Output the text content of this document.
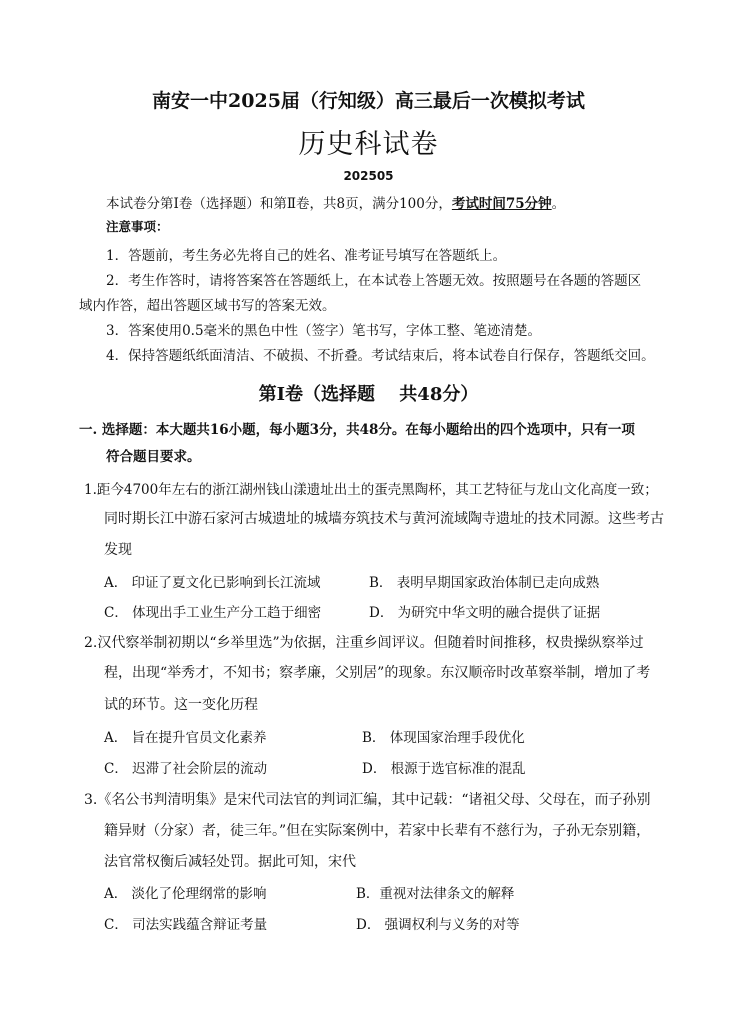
南安一中2025届（行知级）高三最后一次模拟考试
历史科试卷
202505
本试卷分第Ⅰ卷（选择题）和第Ⅱ卷，共8页，满分100分，考试时间75分钟。
注意事项：
1．答题前，考生务必先将自己的姓名、准考证号填写在答题纸上。
2．考生作答时，请将答案答在答题纸上，在本试卷上答题无效。按照题号在各题的答题区
域内作答，超出答题区域书写的答案无效。
3．答案使用0.5毫米的黑色中性（签字）笔书写，字体工整、笔迹清楚。
4．保持答题纸纸面清洁、不破损、不折叠。考试结束后，将本试卷自行保存，答题纸交回。
第Ⅰ卷（选择题　 共48分）
一. 选择题：本大题共16小题，每小题3分，共48分。在每小题给出的四个选项中，只有一项
符合题目要求。
1.距今4700年左右的浙江湖州钱山漾遗址出土的蛋壳黑陶杯，其工艺特征与龙山文化高度一致；
同时期长江中游石家河古城遗址的城墙夯筑技术与黄河流域陶寺遗址的技术同源。这些考古
发现
A． 印证了夏文化已影响到长江流域	B． 表明早期国家政治体制已走向成熟
C． 体现出手工业生产分工趋于细密	D． 为研究中华文明的融合提供了证据
2.汉代察举制初期以“乡举里选”为依据，注重乡闾评议。但随着时间推移，权贵操纵察举过
程，出现“举秀才，不知书；察孝廉，父别居”的现象。东汉顺帝时改革察举制，增加了考
试的环节。这一变化历程
A． 旨在提升官员文化素养	B． 体现国家治理手段优化
C． 迟滞了社会阶层的流动	D． 根源于选官标准的混乱
3.《名公书判清明集》是宋代司法官的判词汇编，其中记载：“诸祖父母、父母在，而子孙别
籍异财（分家）者，徒三年。”但在实际案例中，若家中长辈有不慈行为，子孙无奈别籍，
法官常权衡后减轻处罚。据此可知，宋代
A． 淡化了伦理纲常的影响	B．重视对法律条文的解释
C． 司法实践蕴含辩证考量	D． 强调权利与义务的对等
